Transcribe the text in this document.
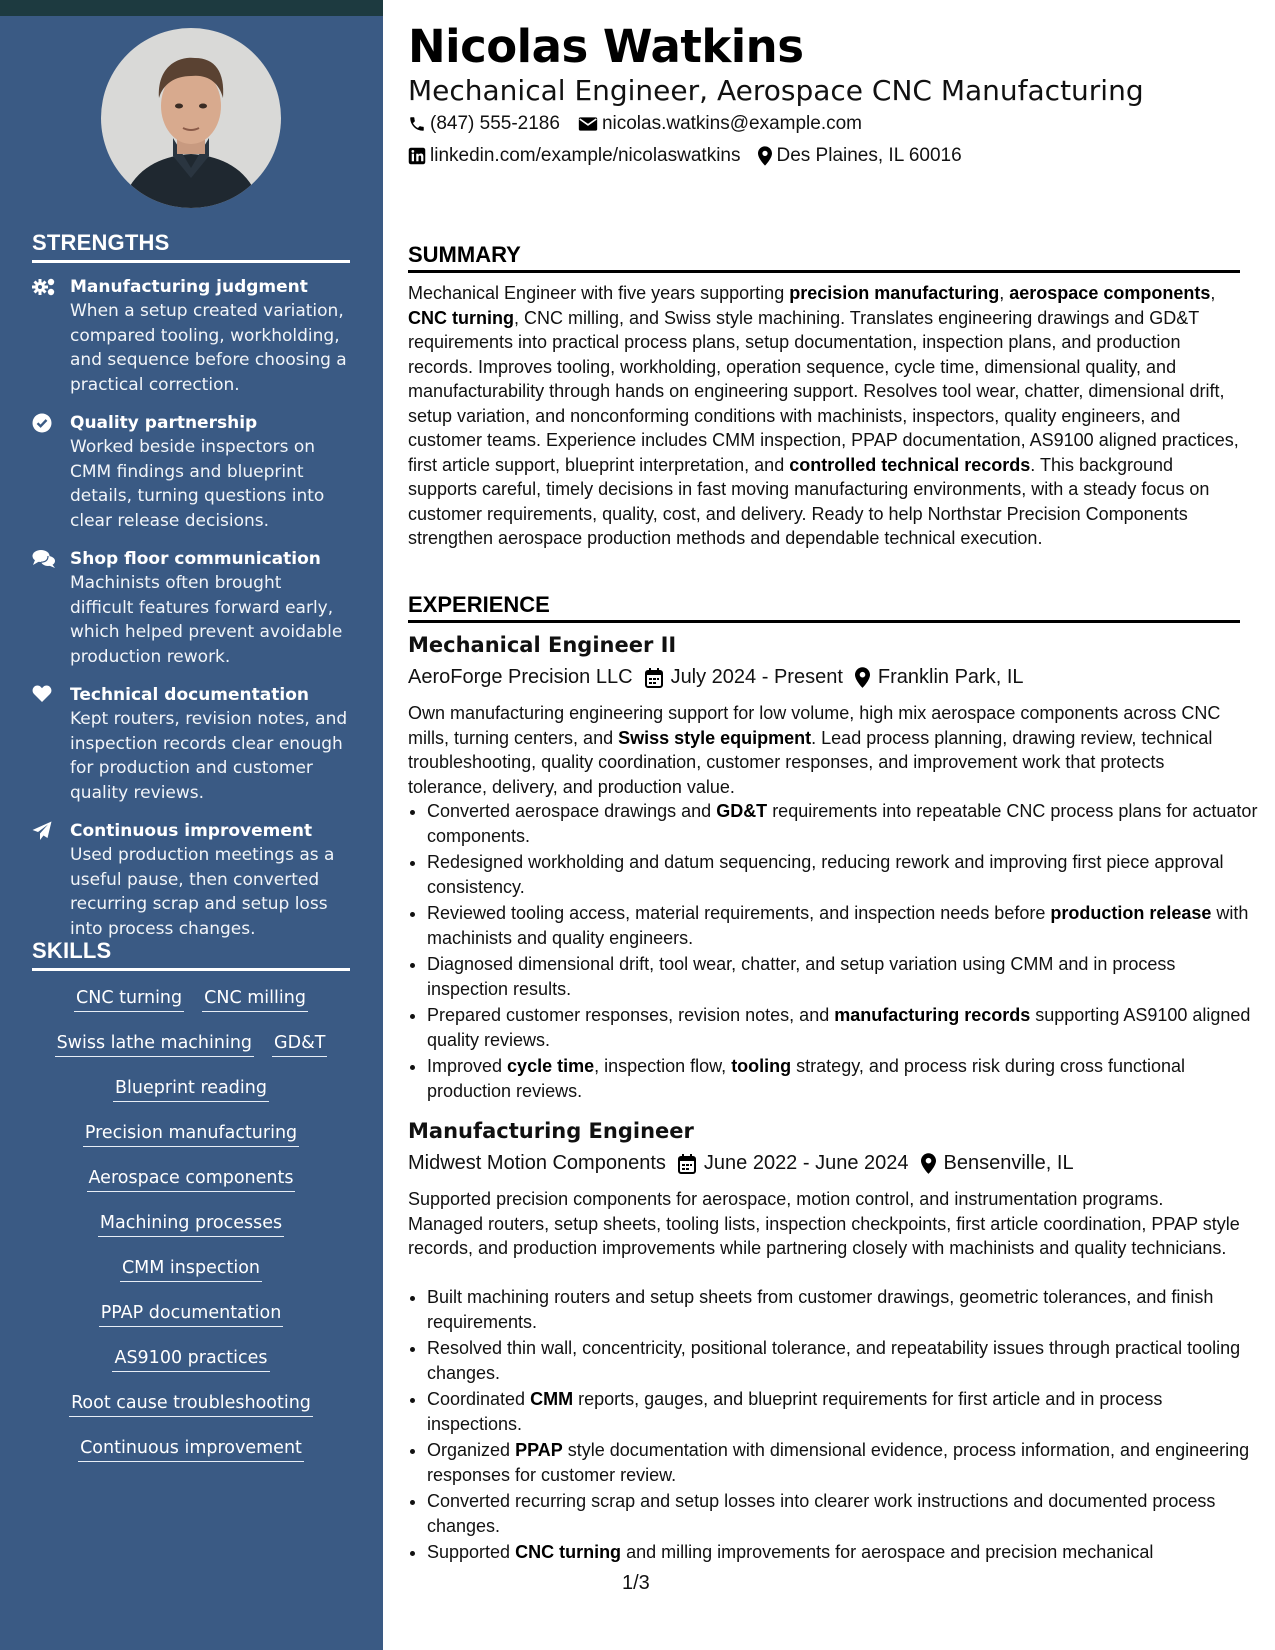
STRENGTHS
Manufacturing judgment
When a setup created variation, compared tooling, workholding, and sequence before choosing a practical correction.
Quality partnership
Worked beside inspectors on CMM findings and blueprint details, turning questions into clear release decisions.
Shop floor communication
Machinists often brought difficult features forward early, which helped prevent avoidable production rework.
Technical documentation
Kept routers, revision notes, and inspection records clear enough for production and customer quality reviews.
Continuous improvement
Used production meetings as a useful pause, then converted recurring scrap and setup loss into process changes.
SKILLS
CNC turning CNC milling
Swiss lathe machining GD&T
Blueprint reading
Precision manufacturing
Aerospace components
Machining processes
CMM inspection
PPAP documentation
AS9100 practices
Root cause troubleshooting
Continuous improvement
Nicolas Watkins
Mechanical Engineer, Aerospace CNC Manufacturing
(847) 555-2186 nicolas.watkins@example.com
linkedin.com/example/nicolaswatkins Des Plaines, IL 60016
SUMMARY
Mechanical Engineer with five years supporting precision manufacturing, aerospace components, CNC turning, CNC milling, and Swiss style machining. Translates engineering drawings and GD&T requirements into practical process plans, setup documentation, inspection plans, and production records. Improves tooling, workholding, operation sequence, cycle time, dimensional quality, and manufacturability through hands on engineering support. Resolves tool wear, chatter, dimensional drift, setup variation, and nonconforming conditions with machinists, inspectors, quality engineers, and customer teams. Experience includes CMM inspection, PPAP documentation, AS9100 aligned practices, first article support, blueprint interpretation, and controlled technical records. This background supports careful, timely decisions in fast moving manufacturing environments, with a steady focus on customer requirements, quality, cost, and delivery. Ready to help Northstar Precision Components strengthen aerospace production methods and dependable technical execution.
EXPERIENCE
Mechanical Engineer II
AeroForge Precision LLC July 2024 - Present Franklin Park, IL
Own manufacturing engineering support for low volume, high mix aerospace components across CNC mills, turning centers, and Swiss style equipment. Lead process planning, drawing review, technical troubleshooting, quality coordination, customer responses, and improvement work that protects tolerance, delivery, and production value.
• Converted aerospace drawings and GD&T requirements into repeatable CNC process plans for actuator components.
• Redesigned workholding and datum sequencing, reducing rework and improving first piece approval consistency.
• Reviewed tooling access, material requirements, and inspection needs before production release with machinists and quality engineers.
• Diagnosed dimensional drift, tool wear, chatter, and setup variation using CMM and in process inspection results.
• Prepared customer responses, revision notes, and manufacturing records supporting AS9100 aligned quality reviews.
• Improved cycle time, inspection flow, tooling strategy, and process risk during cross functional production reviews.
Manufacturing Engineer
Midwest Motion Components June 2022 - June 2024 Bensenville, IL
Supported precision components for aerospace, motion control, and instrumentation programs. Managed routers, setup sheets, tooling lists, inspection checkpoints, first article coordination, PPAP style records, and production improvements while partnering closely with machinists and quality technicians.
• Built machining routers and setup sheets from customer drawings, geometric tolerances, and finish requirements.
• Resolved thin wall, concentricity, positional tolerance, and repeatability issues through practical tooling changes.
• Coordinated CMM reports, gauges, and blueprint requirements for first article and in process inspections.
• Organized PPAP style documentation with dimensional evidence, process information, and engineering responses for customer review.
• Converted recurring scrap and setup losses into clearer work instructions and documented process changes.
• Supported CNC turning and milling improvements for aerospace and precision mechanical
1/3
